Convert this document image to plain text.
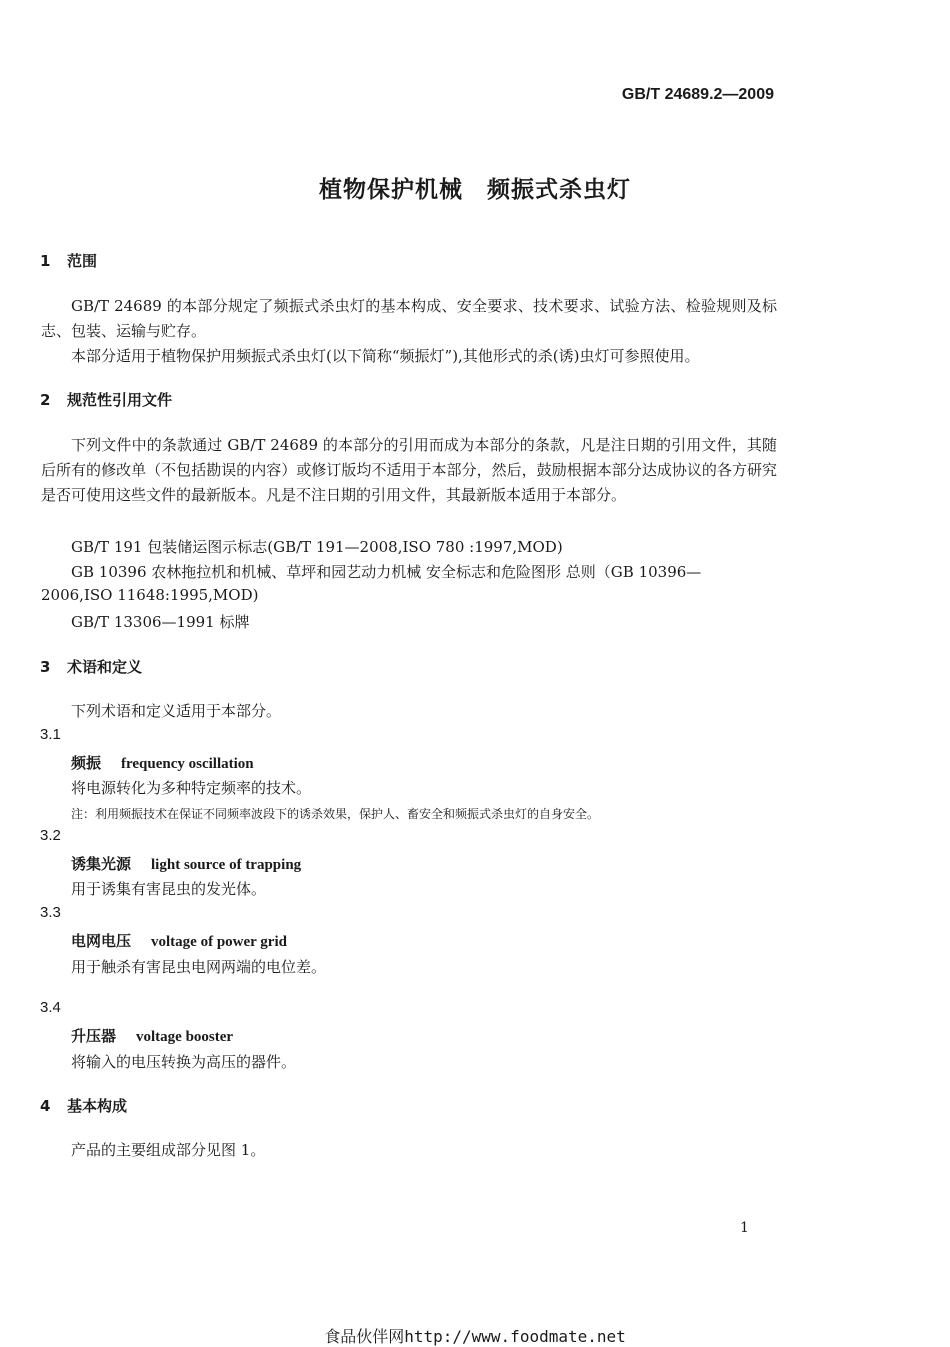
GB/T 24689.2—2009
植物保护机械 频振式杀虫灯
1 范围
GB/T 24689 的本部分规定了频振式杀虫灯的基本构成、安全要求、技术要求、试验方法、检验规则及标志、包装、运输与贮存。
本部分适用于植物保护用频振式杀虫灯(以下简称“频振灯”),其他形式的杀(诱)虫灯可参照使用。
2 规范性引用文件
下列文件中的条款通过 GB/T 24689 的本部分的引用而成为本部分的条款，凡是注日期的引用文件，其随后所有的修改单（不包括勘误的内容）或修订版均不适用于本部分，然后，鼓励根据本部分达成协议的各方研究是否可使用这些文件的最新版本。凡是不注日期的引用文件，其最新版本适用于本部分。
GB/T 191 包装储运图示标志(GB/T 191—2008,ISO 780 :1997,MOD)
GB 10396 农林拖拉机和机械、草坪和园艺动力机械 安全标志和危险图形 总则（GB 10396—
2006,ISO 11648:1995,MOD)
GB/T 13306—1991 标牌
3 术语和定义
下列术语和定义适用于本部分。
3.1
频振 frequency oscillation
将电源转化为多种特定频率的技术。
注：利用频振技术在保证不同频率波段下的诱杀效果，保护人、畜安全和频振式杀虫灯的自身安全。
3.2
诱集光源 light source of trapping
用于诱集有害昆虫的发光体。
3.3
电网电压 voltage of power grid
用于触杀有害昆虫电网两端的电位差。
3.4
升压器 voltage booster
将输入的电压转换为高压的器件。
4 基本构成
产品的主要组成部分见图 1。
1
食品伙伴网http://www.foodmate.net
